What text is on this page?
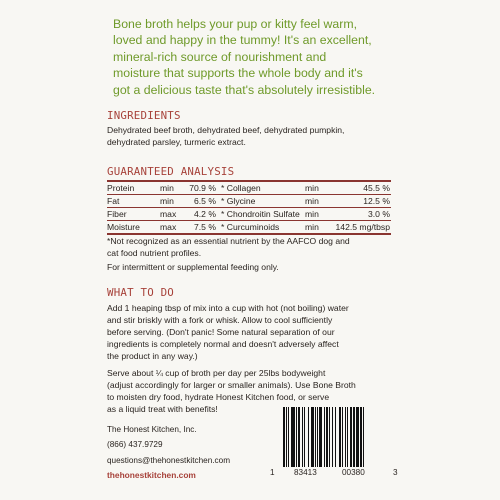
Bone broth helps your pup or kitty feel warm,
loved and happy in the tummy! It's an excellent,
mineral-rich source of nourishment and
moisture that supports the whole body and it's
got a delicious taste that's absolutely irresistible.
INGREDIENTS
Dehydrated beef broth, dehydrated beef, dehydrated pumpkin,
dehydrated parsley, turmeric extract.
GUARANTEED ANALYSIS
Protein	min	70.9 % * Collagen	min	45.5 %
Fat	min	6.5 % * Glycine	min	12.5 %
Fiber	max	4.2 % * Chondroitin Sulfate min	3.0 %
Moisture max	7.5 % * Curcuminoids	min 142.5 mg/tbsp
*Not recognized as an essential nutrient by the AAFCO dog and
cat food nutrient profiles.
For intermittent or supplemental feeding only.
WHAT TO DO
Add 1 heaping tbsp of mix into a cup with hot (not boiling) water
and stir briskly with a fork or whisk. Allow to cool sufficiently
before serving. (Don't panic! Some natural separation of our
ingredients is completely normal and doesn't adversely affect
the product in any way.)
Serve about ¼ cup of broth per day per 25lbs bodyweight
(adjust accordingly for larger or smaller animals). Use Bone Broth
to moisten dry food, hydrate Honest Kitchen food, or serve
as a liquid treat with benefits!
The Honest Kitchen, Inc.
(866) 437.9729
questions@thehonestkitchen.com
thehonestkitchen.com	1 83413	00380	3
